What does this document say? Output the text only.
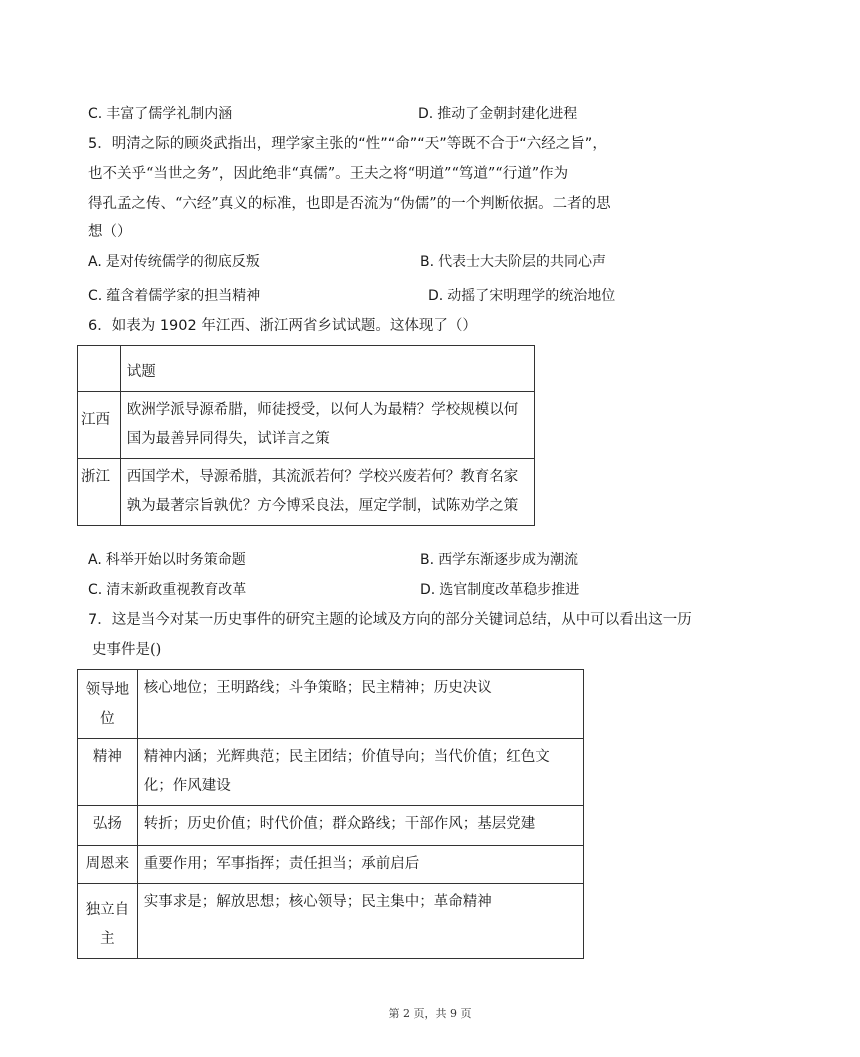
C. 丰富了儒学礼制内涵	D. 推动了金朝封建化进程
5．明清之际的顾炎武指出，理学家主张的“性”“命”“天”等既不合于“六经之旨”，
也不关乎“当世之务”，因此绝非“真儒”。王夫之将“明道”“笃道”“行道”作为
得孔孟之传、“六经”真义的标准，也即是否流为“伪儒”的一个判断依据。二者的思
想（）
A. 是对传统儒学的彻底反叛	B. 代表士大夫阶层的共同心声
C. 蕴含着儒学家的担当精神	D. 动摇了宋明理学的统治地位
6．如表为 1902 年江西、浙江两省乡试试题。这体现了（）
	试题
江西	欧洲学派导源希腊，师徒授受，以何人为最精？学校规模以何国为最善异同得失，试详言之策
浙江	西国学术，导源希腊，其流派若何？学校兴废若何？教育名家孰为最著宗旨孰优？方今博采良法，厘定学制，试陈劝学之策
A. 科举开始以时务策命题	B. 西学东渐逐步成为潮流
C. 清末新政重视教育改革	D. 选官制度改革稳步推进
7．这是当今对某一历史事件的研究主题的论域及方向的部分关键词总结，从中可以看出这一历
史事件是()
领导地位	核心地位；王明路线；斗争策略；民主精神；历史决议
精神	精神内涵；光辉典范；民主团结；价值导向；当代价值；红色文化；作风建设
弘扬	转折；历史价值；时代价值；群众路线；干部作风；基层党建
周恩来	重要作用；军事指挥；责任担当；承前启后
独立自主	实事求是；解放思想；核心领导；民主集中；革命精神
第 2 页，共 9 页
